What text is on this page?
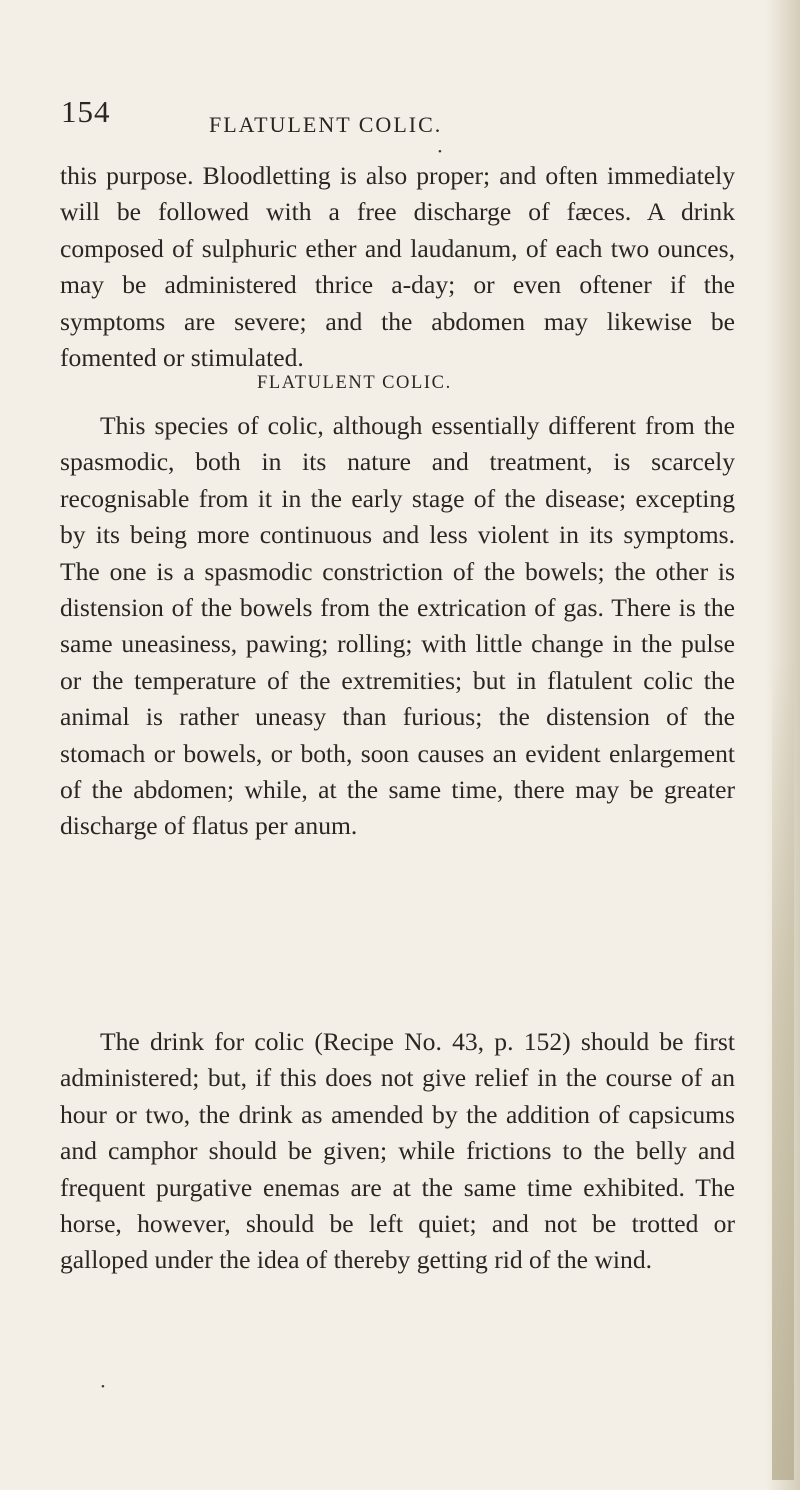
154	FLATULENT COLIC.
•
this purpose. Bloodletting is also proper; and often immediately will be followed with a free discharge of fæces. A drink composed of sulphuric ether and laudanum, of each two ounces, may be administered thrice a-day; or even oftener if the symptoms are severe; and the abdomen may likewise be fomented or stimulated.
FLATULENT COLIC.
This species of colic, although essentially different from the spasmodic, both in its nature and treatment, is scarcely recognisable from it in the early stage of the disease; excepting by its being more continuous and less violent in its symptoms. The one is a spasmodic constriction of the bowels; the other is distension of the bowels from the extrication of gas. There is the same uneasiness, pawing; rolling; with little change in the pulse or the temperature of the extremities; but in flatulent colic the animal is rather uneasy than furious; the distension of the stomach or bowels, or both, soon causes an evident enlargement of the abdomen; while, at the same time, there may be greater discharge of flatus per anum.
The drink for colic (Recipe No. 43, p. 152) should be first administered; but, if this does not give relief in the course of an hour or two, the drink as amended by the addition of capsicums and camphor should be given; while frictions to the belly and frequent purgative enemas are at the same time exhibited. The horse, however, should be left quiet; and not be trotted or galloped under the idea of thereby getting rid of the wind.
•
